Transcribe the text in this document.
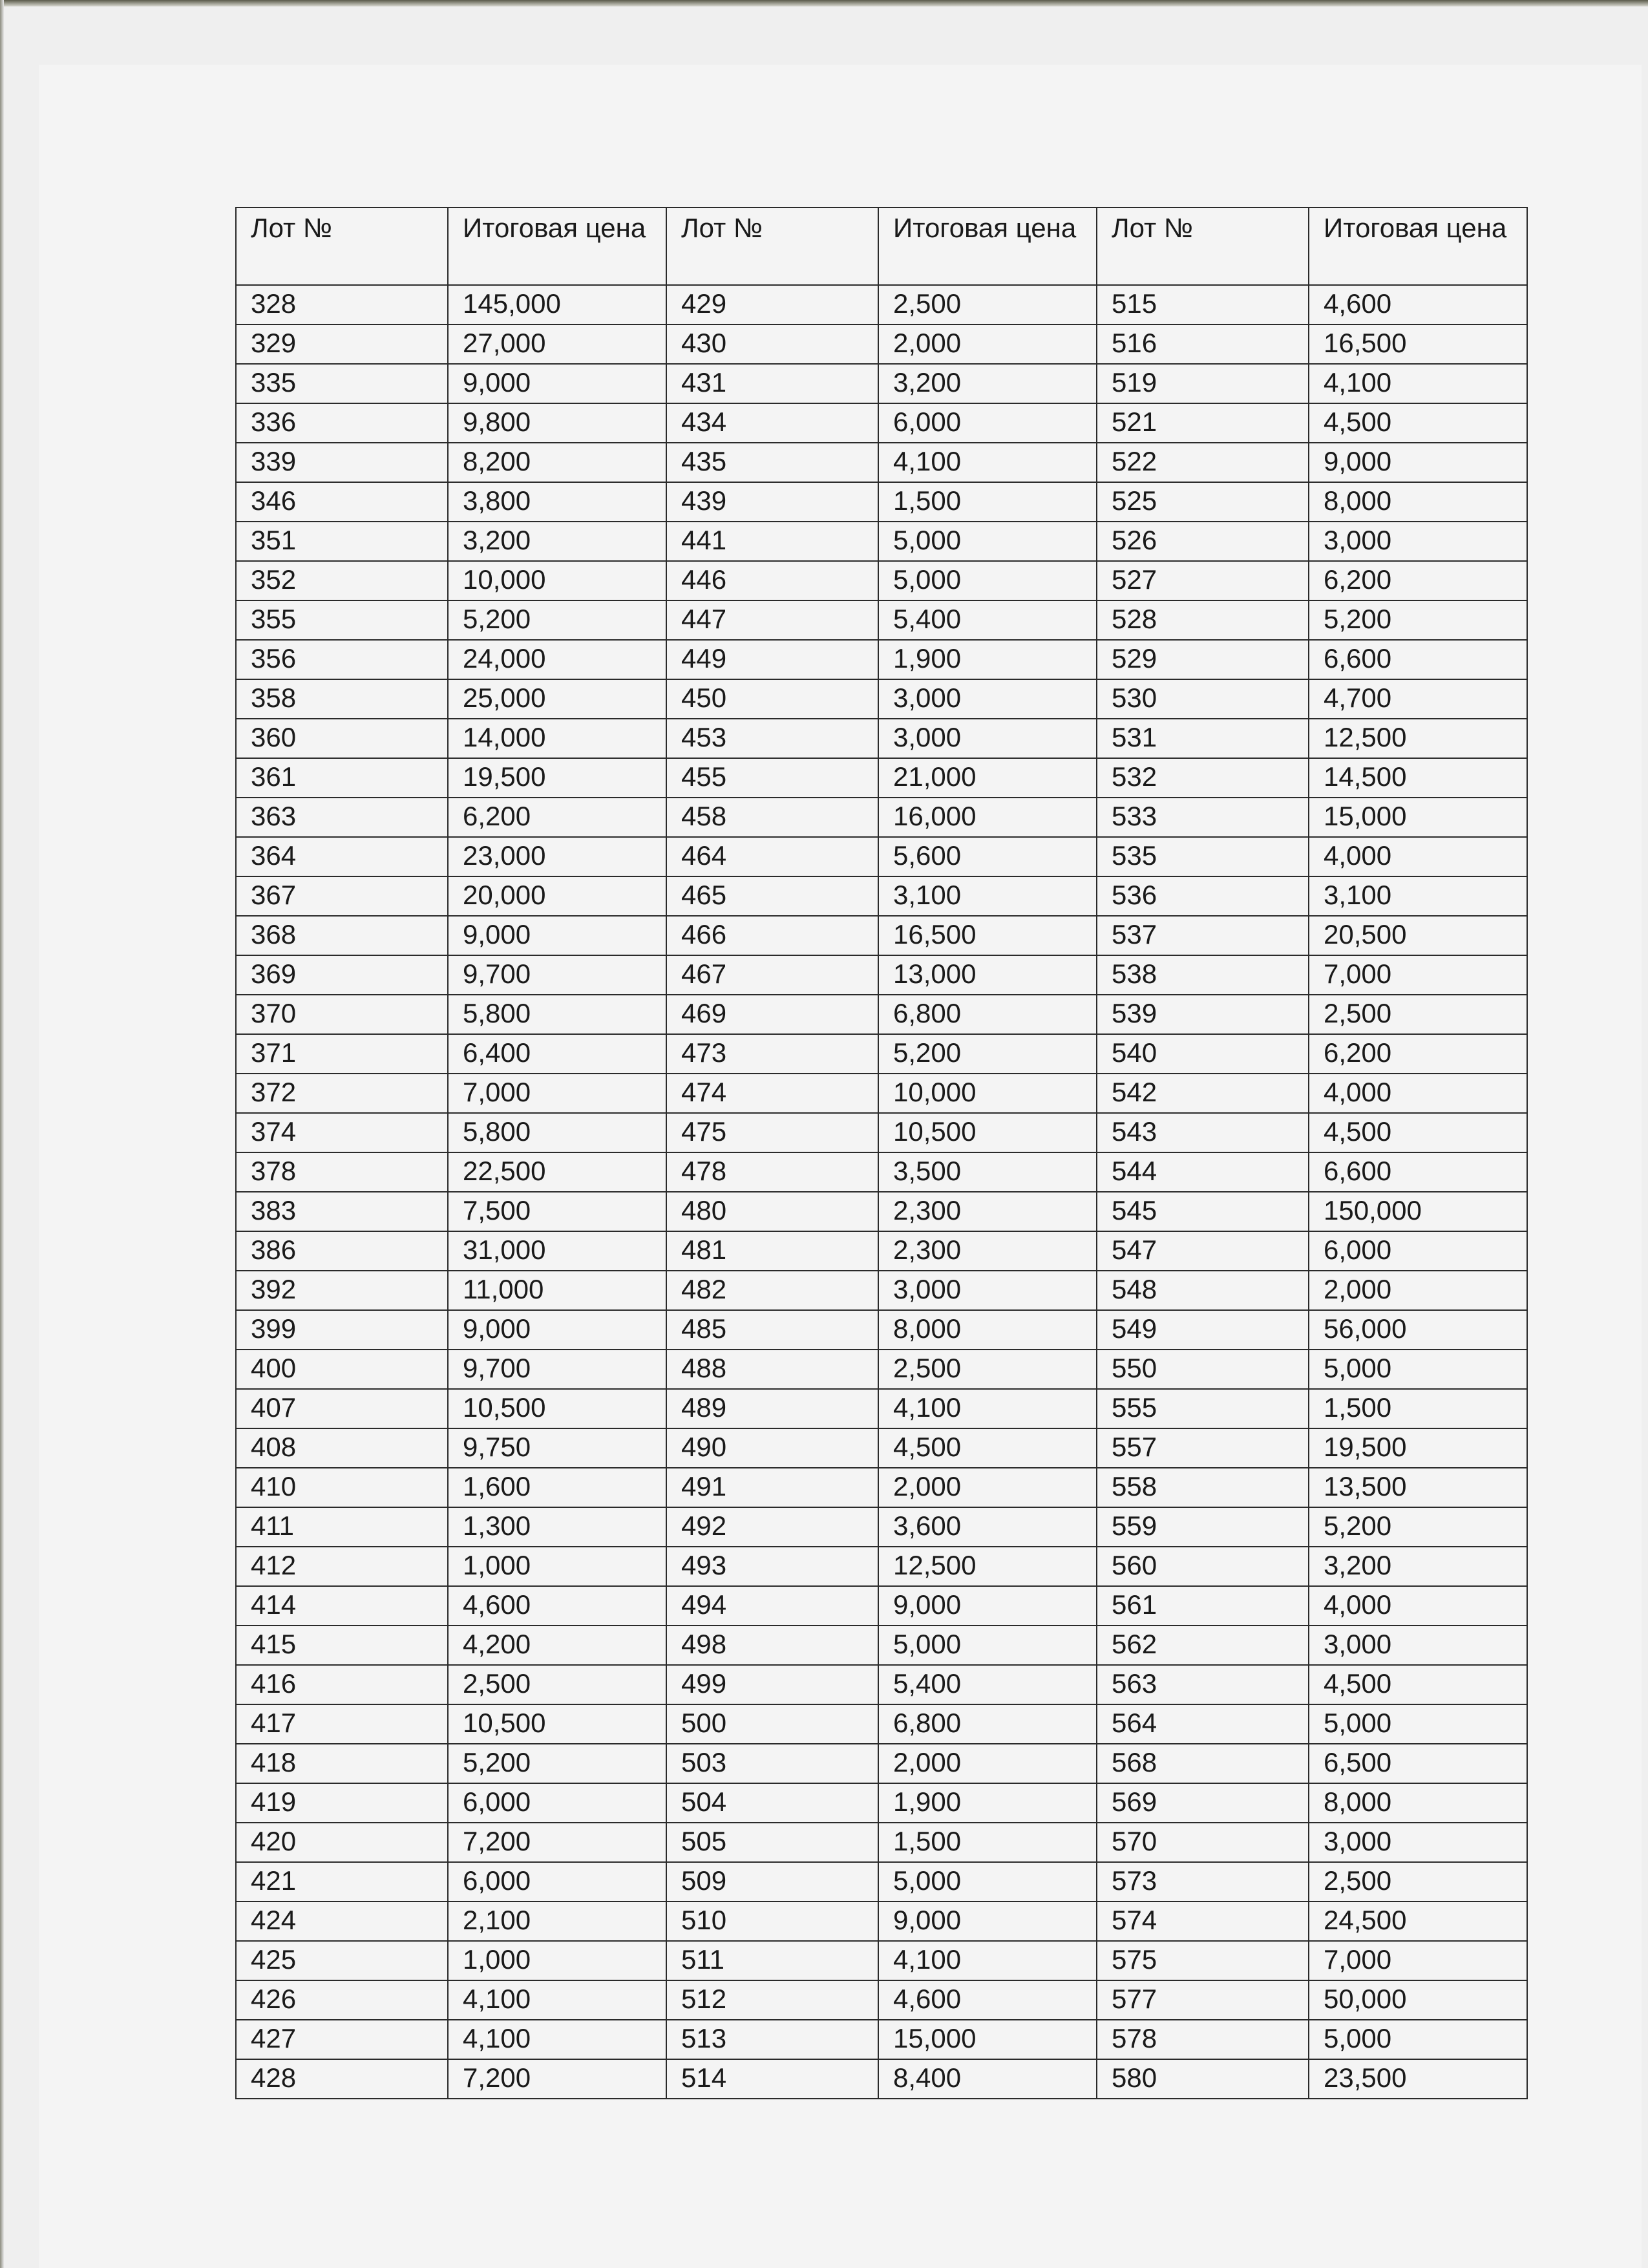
Лот №	Итоговая цена	Лот №	Итоговая цена	Лот №	Итоговая цена
328	145,000	429	2,500	515	4,600
329	27,000	430	2,000	516	16,500
335	9,000	431	3,200	519	4,100
336	9,800	434	6,000	521	4,500
339	8,200	435	4,100	522	9,000
346	3,800	439	1,500	525	8,000
351	3,200	441	5,000	526	3,000
352	10,000	446	5,000	527	6,200
355	5,200	447	5,400	528	5,200
356	24,000	449	1,900	529	6,600
358	25,000	450	3,000	530	4,700
360	14,000	453	3,000	531	12,500
361	19,500	455	21,000	532	14,500
363	6,200	458	16,000	533	15,000
364	23,000	464	5,600	535	4,000
367	20,000	465	3,100	536	3,100
368	9,000	466	16,500	537	20,500
369	9,700	467	13,000	538	7,000
370	5,800	469	6,800	539	2,500
371	6,400	473	5,200	540	6,200
372	7,000	474	10,000	542	4,000
374	5,800	475	10,500	543	4,500
378	22,500	478	3,500	544	6,600
383	7,500	480	2,300	545	150,000
386	31,000	481	2,300	547	6,000
392	11,000	482	3,000	548	2,000
399	9,000	485	8,000	549	56,000
400	9,700	488	2,500	550	5,000
407	10,500	489	4,100	555	1,500
408	9,750	490	4,500	557	19,500
410	1,600	491	2,000	558	13,500
411	1,300	492	3,600	559	5,200
412	1,000	493	12,500	560	3,200
414	4,600	494	9,000	561	4,000
415	4,200	498	5,000	562	3,000
416	2,500	499	5,400	563	4,500
417	10,500	500	6,800	564	5,000
418	5,200	503	2,000	568	6,500
419	6,000	504	1,900	569	8,000
420	7,200	505	1,500	570	3,000
421	6,000	509	5,000	573	2,500
424	2,100	510	9,000	574	24,500
425	1,000	511	4,100	575	7,000
426	4,100	512	4,600	577	50,000
427	4,100	513	15,000	578	5,000
428	7,200	514	8,400	580	23,500
